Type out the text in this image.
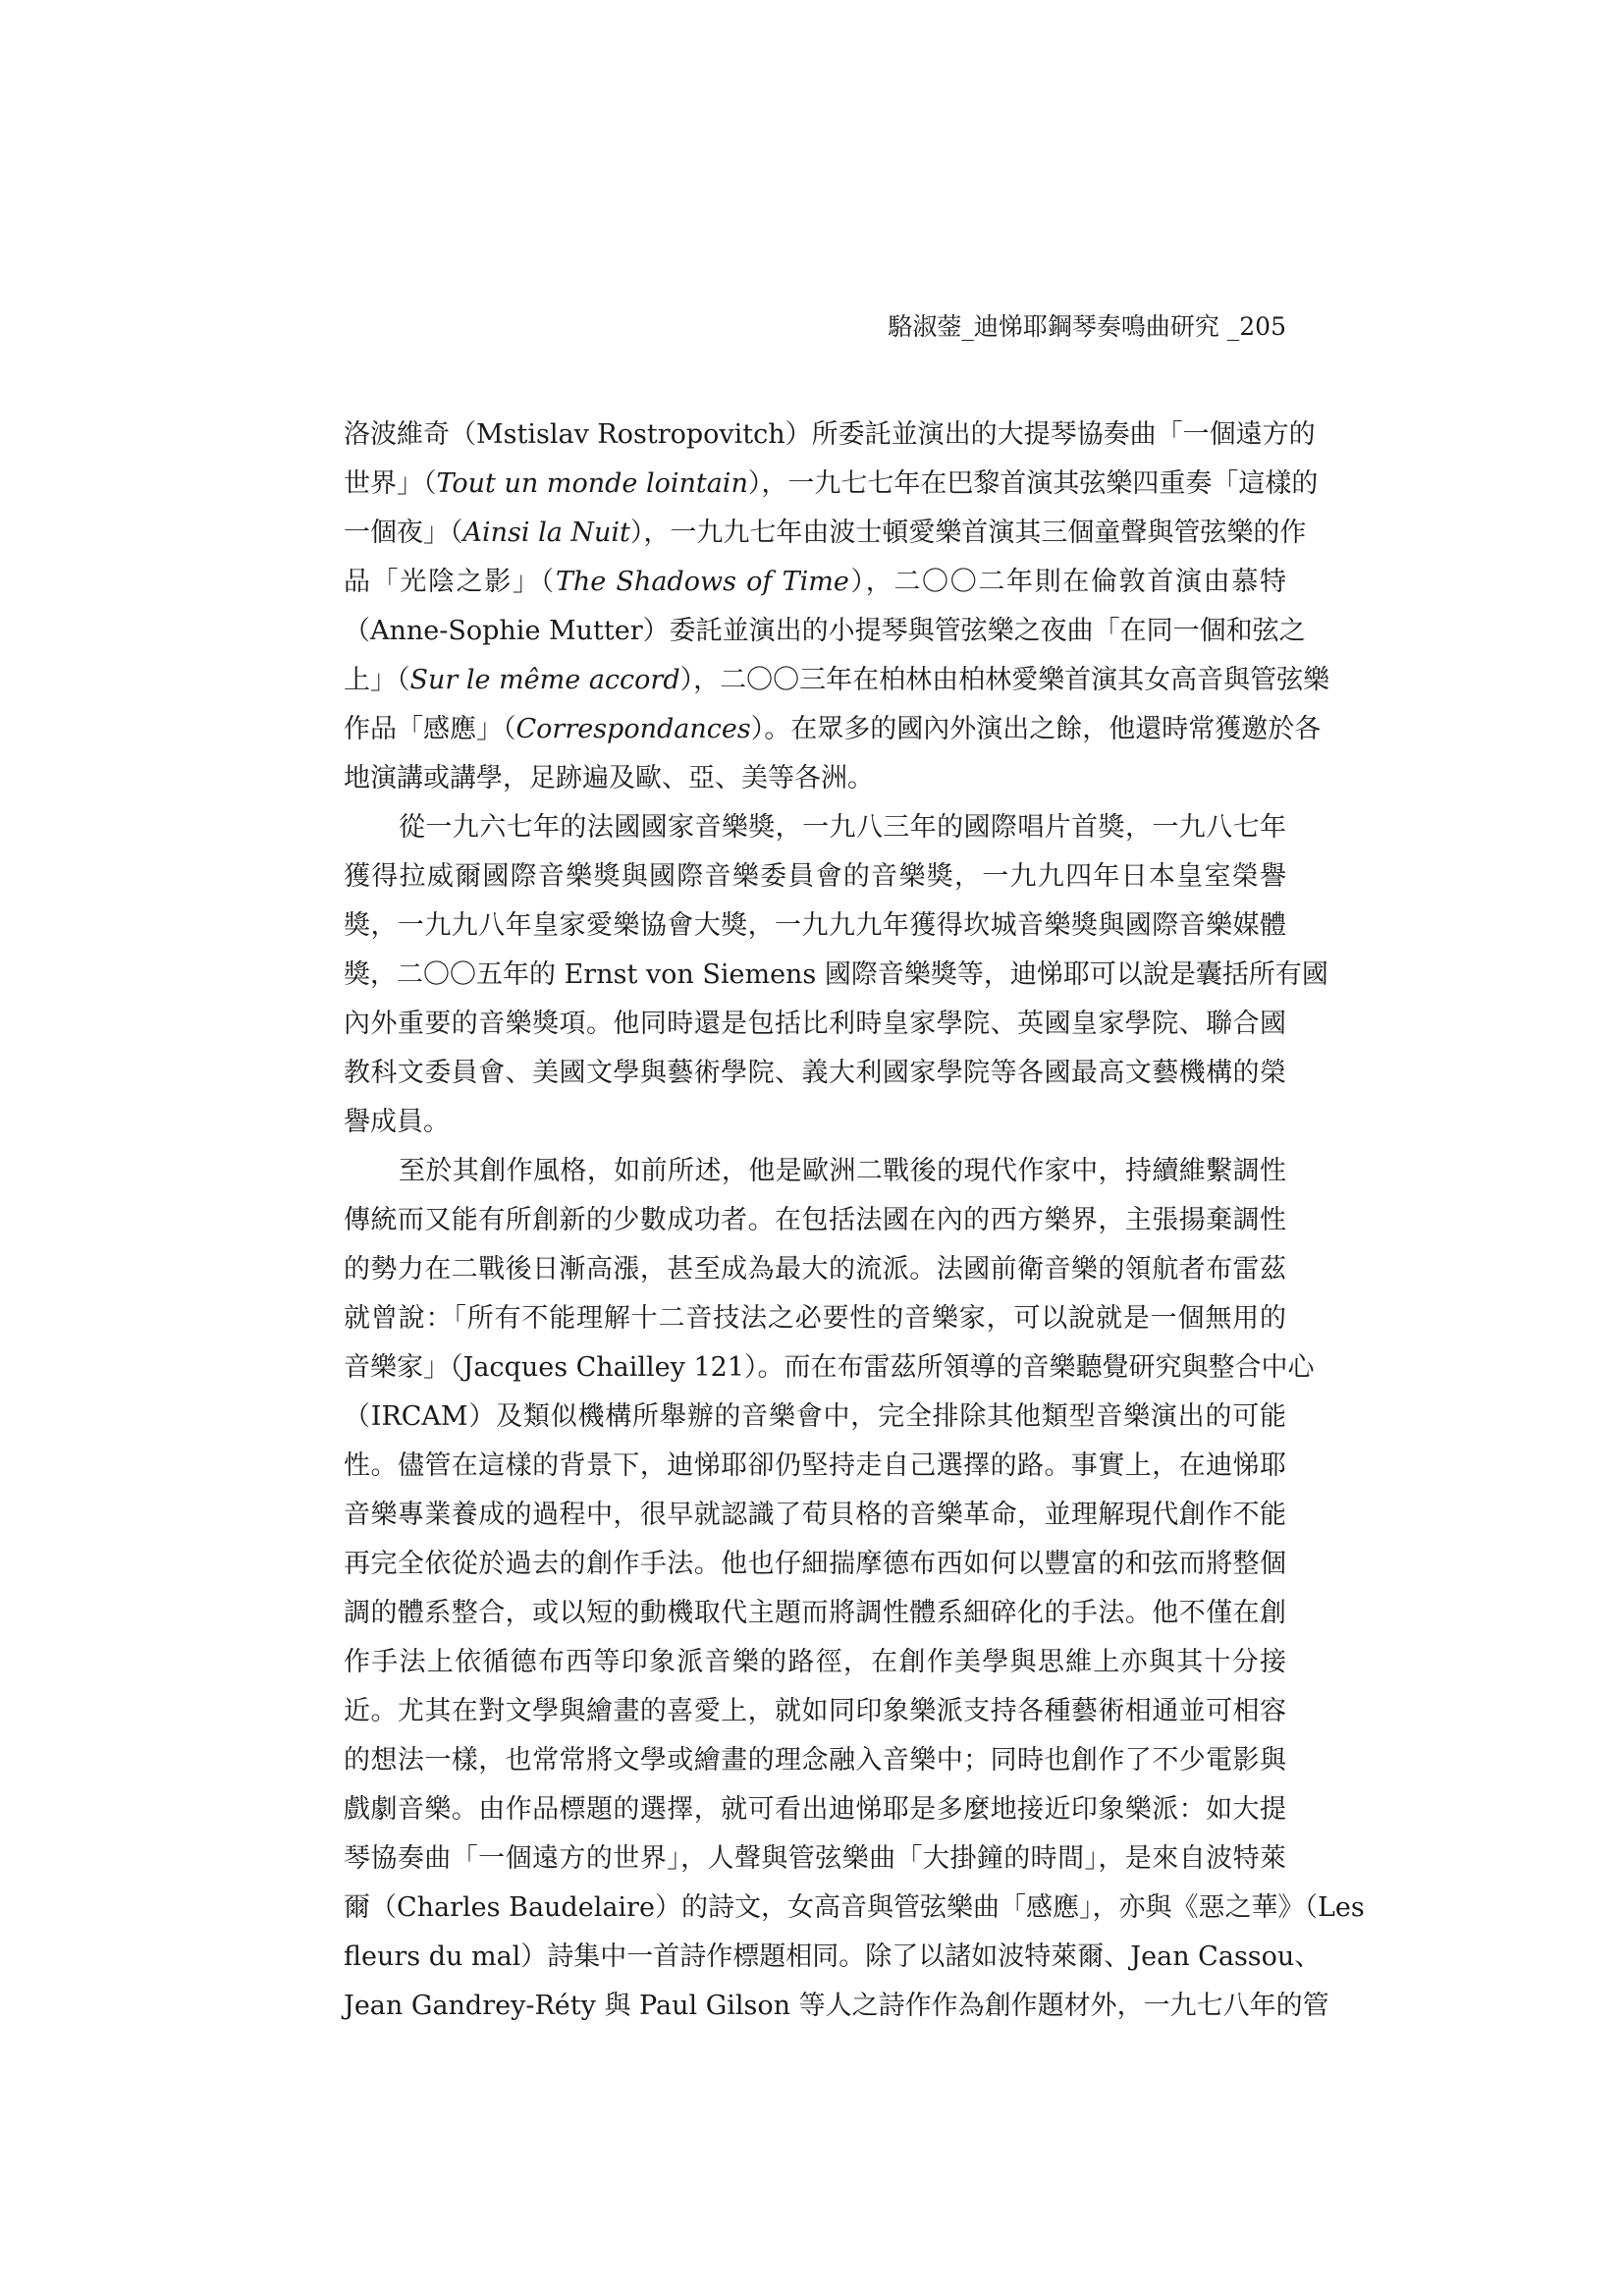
駱淑蓥_迪悌耶鋼琴奏鳴曲研究 _205
洛波維奇（Mstislav Rostropovitch）所委託並演出的大提琴協奏曲「一個遠方的
世界」（Tout un monde lointain），一九七七年在巴黎首演其弦樂四重奏「這樣的
一個夜」（Ainsi la Nuit），一九九七年由波士頓愛樂首演其三個童聲與管弦樂的作
品「光陰之影」（The Shadows of Time），二〇〇二年則在倫敦首演由慕特
（Anne-Sophie Mutter）委託並演出的小提琴與管弦樂之夜曲「在同一個和弦之
上」（Sur le même accord），二〇〇三年在柏林由柏林愛樂首演其女高音與管弦樂
作品「感應」（Correspondances）。在眾多的國內外演出之餘，他還時常獲邀於各
地演講或講學，足跡遍及歐、亞、美等各洲。
從一九六七年的法國國家音樂獎，一九八三年的國際唱片首獎，一九八七年
獲得拉威爾國際音樂獎與國際音樂委員會的音樂獎，一九九四年日本皇室榮譽
獎，一九九八年皇家愛樂協會大獎，一九九九年獲得坎城音樂獎與國際音樂媒體
獎，二〇〇五年的 Ernst von Siemens 國際音樂獎等，迪悌耶可以說是囊括所有國
內外重要的音樂獎項。他同時還是包括比利時皇家學院、英國皇家學院、聯合國
教科文委員會、美國文學與藝術學院、義大利國家學院等各國最高文藝機構的榮
譽成員。
至於其創作風格，如前所述，他是歐洲二戰後的現代作家中，持續維繫調性
傳統而又能有所創新的少數成功者。在包括法國在內的西方樂界，主張揚棄調性
的勢力在二戰後日漸高漲，甚至成為最大的流派。法國前衛音樂的領航者布雷茲
就曾說：「所有不能理解十二音技法之必要性的音樂家，可以說就是一個無用的
音樂家」（Jacques Chailley 121）。而在布雷茲所領導的音樂聽覺研究與整合中心
（IRCAM）及類似機構所舉辦的音樂會中，完全排除其他類型音樂演出的可能
性。儘管在這樣的背景下，迪悌耶卻仍堅持走自己選擇的路。事實上，在迪悌耶
音樂專業養成的過程中，很早就認識了荀貝格的音樂革命，並理解現代創作不能
再完全依從於過去的創作手法。他也仔細揣摩德布西如何以豐富的和弦而將整個
調的體系整合，或以短的動機取代主題而將調性體系細碎化的手法。他不僅在創
作手法上依循德布西等印象派音樂的路徑，在創作美學與思維上亦與其十分接
近。尤其在對文學與繪畫的喜愛上，就如同印象樂派支持各種藝術相通並可相容
的想法一樣，也常常將文學或繪畫的理念融入音樂中；同時也創作了不少電影與
戲劇音樂。由作品標題的選擇，就可看出迪悌耶是多麼地接近印象樂派：如大提
琴協奏曲「一個遠方的世界」，人聲與管弦樂曲「大掛鐘的時間」，是來自波特萊
爾（Charles Baudelaire）的詩文，女高音與管弦樂曲「感應」，亦與《惡之華》（Les
fleurs du mal）詩集中一首詩作標題相同。除了以諸如波特萊爾、Jean Cassou、
Jean Gandrey-Réty 與 Paul Gilson 等人之詩作作為創作題材外，一九七八年的管
